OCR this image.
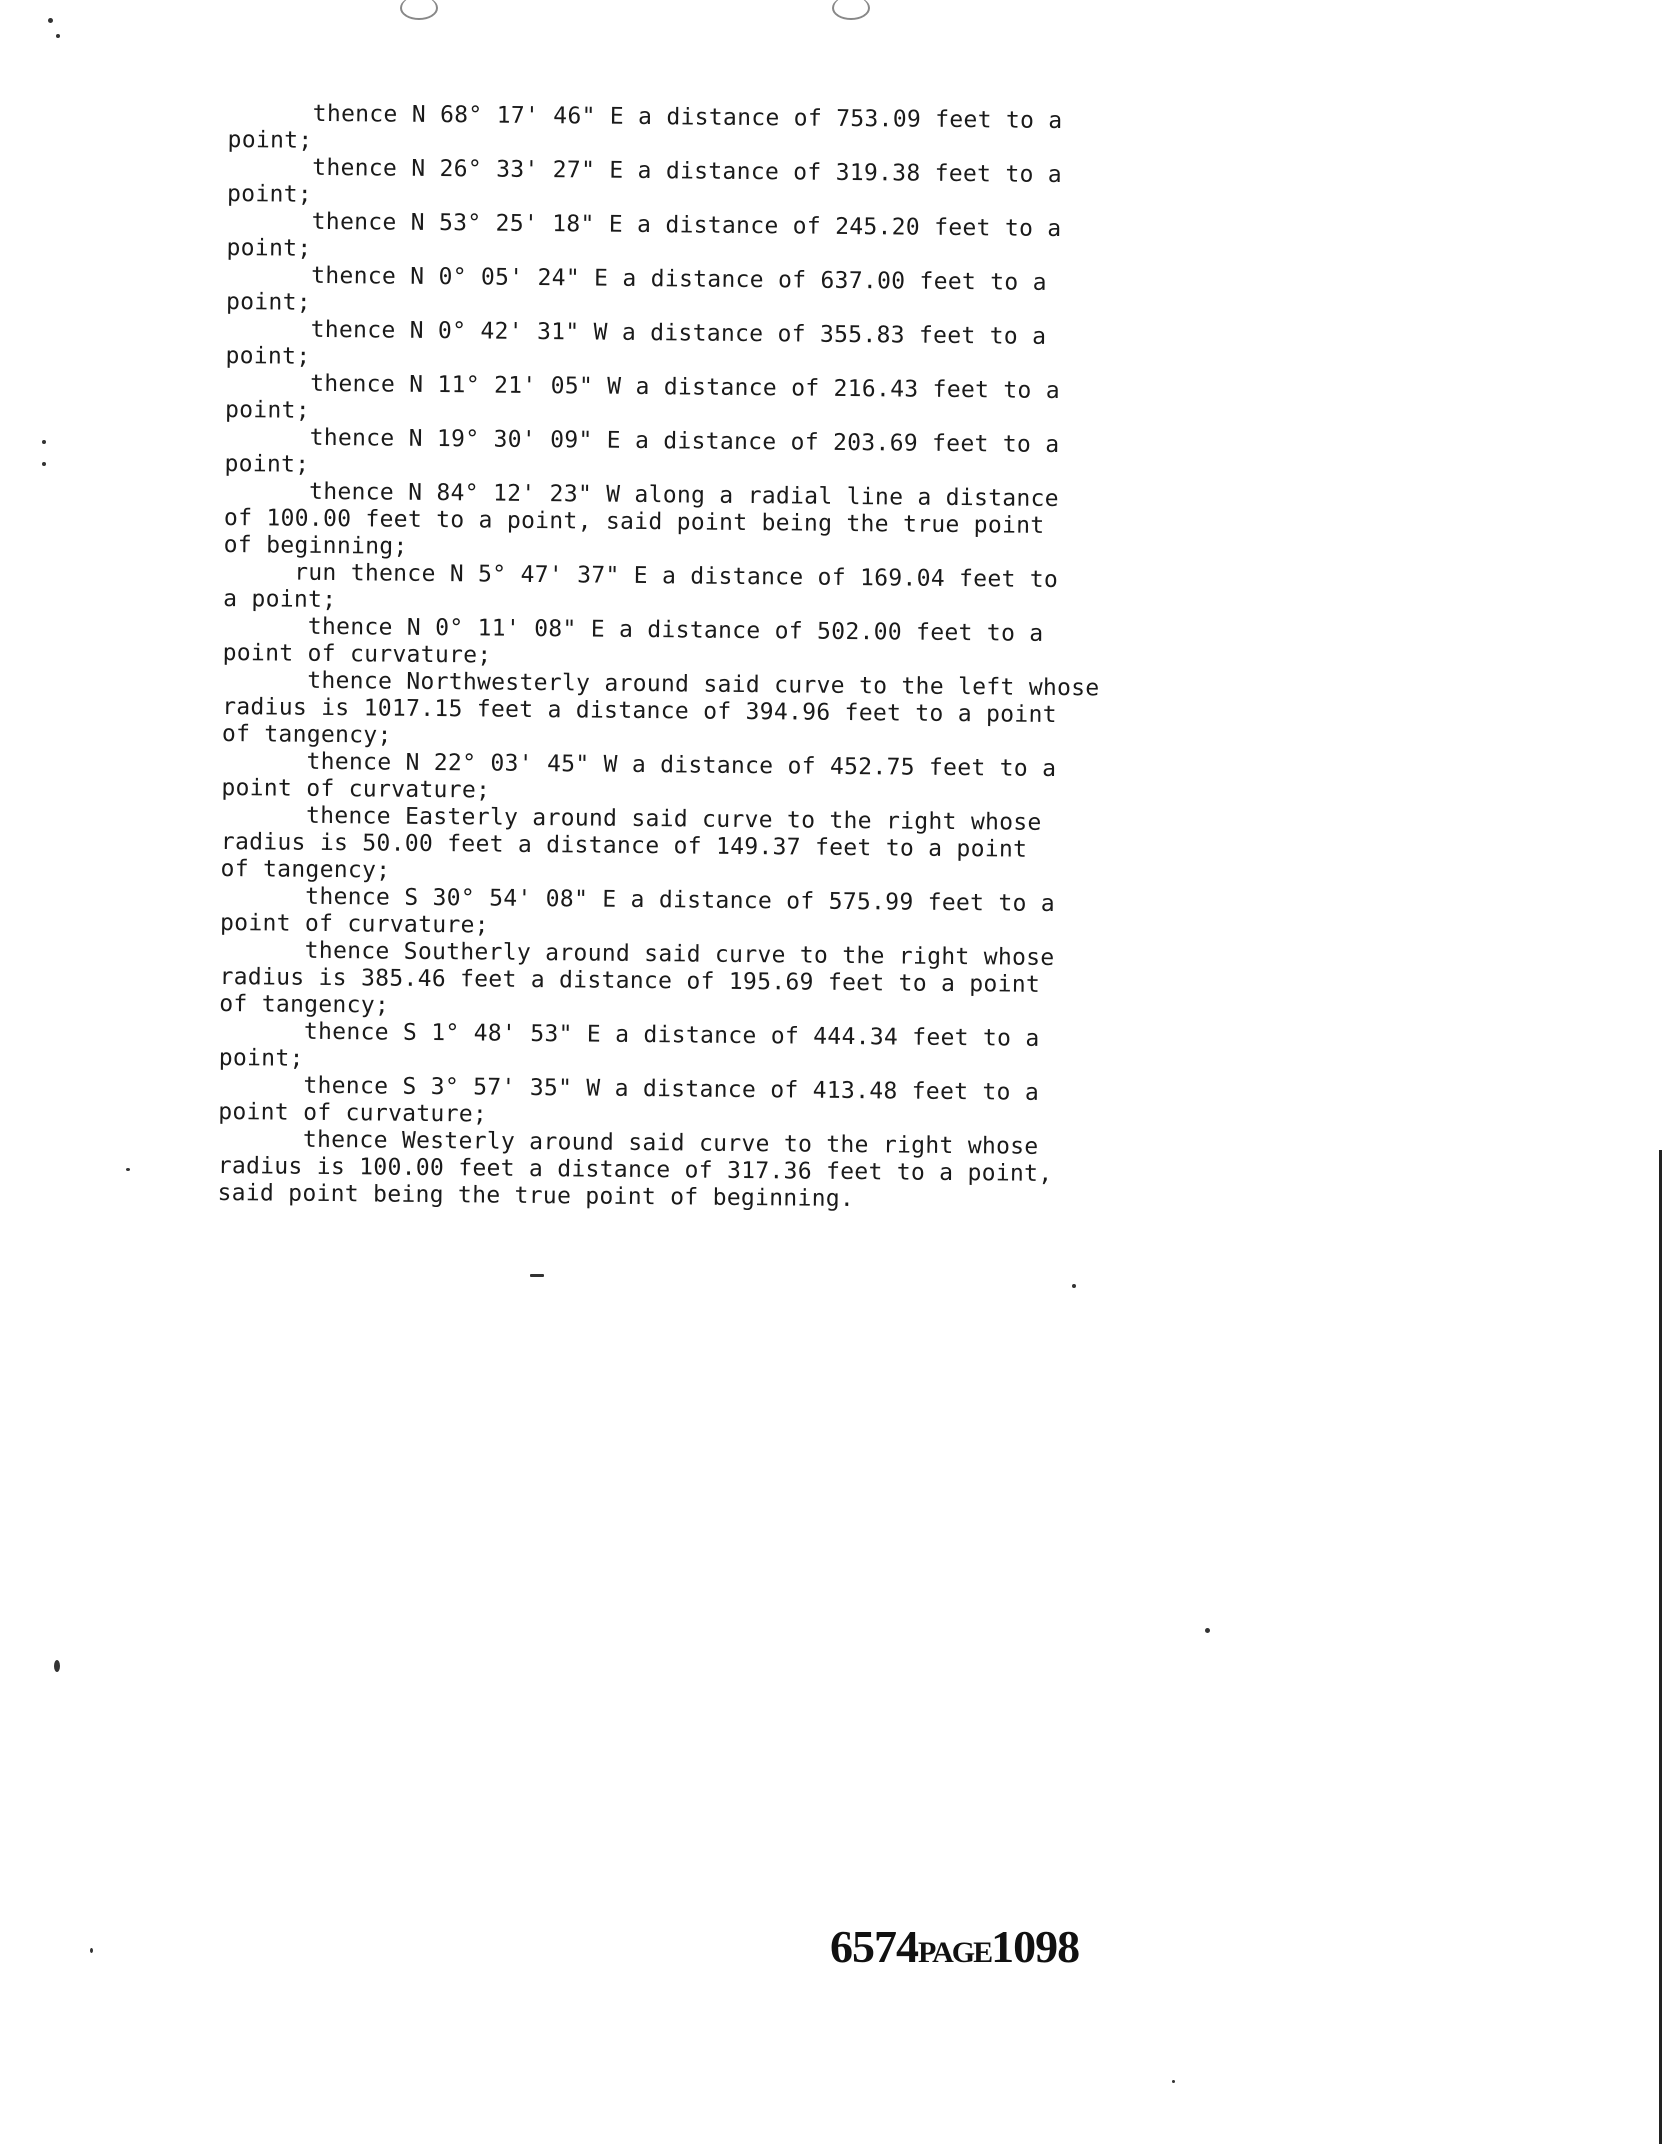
thence N 68° 17' 46" E a distance of 753.09 feet to a
point;
thence N 26° 33' 27" E a distance of 319.38 feet to a
point;
thence N 53° 25' 18" E a distance of 245.20 feet to a
point;
thence N 0° 05' 24" E a distance of 637.00 feet to a
point;
thence N 0° 42' 31" W a distance of 355.83 feet to a
point;
thence N 11° 21' 05" W a distance of 216.43 feet to a
point;
thence N 19° 30' 09" E a distance of 203.69 feet to a
point;
thence N 84° 12' 23" W along a radial line a distance
of 100.00 feet to a point, said point being the true point
of beginning;
run thence N 5° 47' 37" E a distance of 169.04 feet to
a point;
thence N 0° 11' 08" E a distance of 502.00 feet to a
point of curvature;
thence Northwesterly around said curve to the left whose
radius is 1017.15 feet a distance of 394.96 feet to a point
of tangency;
thence N 22° 03' 45" W a distance of 452.75 feet to a
point of curvature;
thence Easterly around said curve to the right whose
radius is 50.00 feet a distance of 149.37 feet to a point
of tangency;
thence S 30° 54' 08" E a distance of 575.99 feet to a
point of curvature;
thence Southerly around said curve to the right whose
radius is 385.46 feet a distance of 195.69 feet to a point
of tangency;
thence S 1° 48' 53" E a distance of 444.34 feet to a
point;
thence S 3° 57' 35" W a distance of 413.48 feet to a
point of curvature;
thence Westerly around said curve to the right whose
radius is 100.00 feet a distance of 317.36 feet to a point,
said point being the true point of beginning.
6574PAGE1098
